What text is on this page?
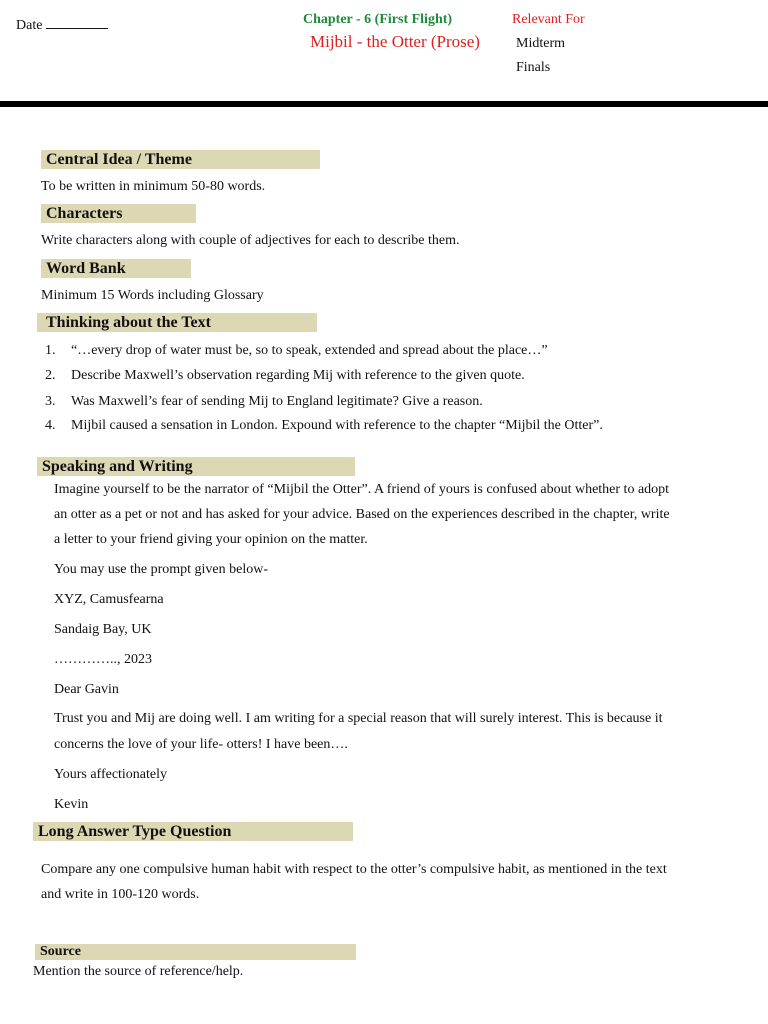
Date	Chapter - 6 (First Flight)
Mijbil - the Otter (Prose)
Relevant For
Midterm
Finals
Central Idea / Theme
To be written in minimum 50-80 words.
Characters
Write characters along with couple of adjectives for each to describe them.
Word Bank
Minimum 15 Words including Glossary
Thinking about the Text
1. “…every drop of water must be, so to speak, extended and spread about the place…”
2. Describe Maxwell’s observation regarding Mij with reference to the given quote.
3. Was Maxwell’s fear of sending Mij to England legitimate? Give a reason.
4. Mijbil caused a sensation in London. Expound with reference to the chapter “Mijbil the Otter”.
Speaking and Writing
Imagine yourself to be the narrator of “Mijbil the Otter”. A friend of yours is confused about whether to adopt
an otter as a pet or not and has asked for your advice. Based on the experiences described in the chapter, write
a letter to your friend giving your opinion on the matter.
You may use the prompt given below-
XYZ, Camusfearna
Sandaig Bay, UK
………….., 2023
Dear Gavin
Trust you and Mij are doing well. I am writing for a special reason that will surely interest. This is because it
concerns the love of your life- otters! I have been….
Yours affectionately
Kevin
Long Answer Type Question
Compare any one compulsive human habit with respect to the otter’s compulsive habit, as mentioned in the text
and write in 100-120 words.
Source
Mention the source of reference/help.
